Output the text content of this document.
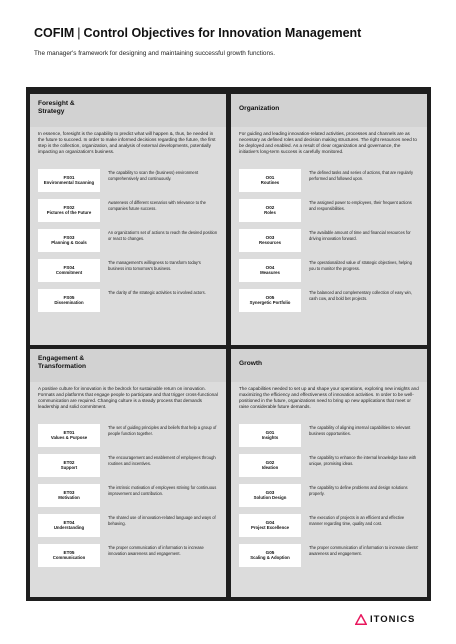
COFIM | Control Objectives for Innovation Management
The manager's framework for designing and maintaining successful growth functions.
Foresight &
Strategy
In essence, foresight is the capability to predict what will happen &, thus, be needed in the future to succeed. In order to make informed decisions regarding the future, the first step is the collection, organization, and analysis of external developments, potentially impacting an organization's business.
FS01
Environmental Scanning
The capability to scan the (business) environment comprehensively and continuously.
FS02
Pictures of the Future
Awareness of different scenarios with relevance to the companies future success.
FS03
Planning & Goals
An organization's set of actions to reach the desired position or react to changes.
FS04
Commitment
The management's willingness to transform today's business into tomorrow's business.
FS05
Dissemination
The clarity of the strategic activities to involved actors.
Organization
For guiding and leading innovation-related activities, processes and channels are as necessary as defined roles and decision making structures. The right resources need to be deployed and enabled. As a result of clear organization and governance, the initiative's long-term success is carefully monitored.
O01
Routines
The defined tasks and series of actions, that are regularly performed and followed upon.
O02
Roles
The assigned power to employees, their frequent actions and responsibilities.
O03
Resources
The available amount of time and financial resources for driving innovation forward.
O04
Measures
The operationalized value of strategic objectives, helping you to monitor the progress.
O05
Synergetic Portfolio
The balanced and complementary collection of easy win, cash cow, and bold bet projects.
Engagement &
Transformation
A positive culture for innovation is the bedrock for sustainable return on innovation. Formats and platforms that engage people to participate and that trigger cross-functional communication are required. Changing culture is a steady process that demands leadership and solid commitment.
ET01
Values & Purpose
The set of guiding principles and beliefs that help a group of people function together.
ET02
Support
The encouragement and enablement of employees through routines and incentives.
ET03
Motivation
The intrinsic motivation of employees striving for continuous improvement and contribution.
ET04
Understanding
The shared use of innovation-related language and ways of behaving.
ET05
Communication
The proper communication of information to increase innovation awareness and engagement.
Growth
The capabilities needed to set up and shape your operations, exploring new insights and maximizing the efficiency and effectiveness of innovation activities. In order to be well-positioned in the future, organizations need to bring up new applications that meet or raise considerable future demands.
G01
Insights
The capability of aligning internal capabilities to relevant business opportunities.
G02
Ideation
The capability to enhance the internal knowledge base with unique, promising ideas.
G03
Solution Design
The capability to define problems and design solutions properly.
G04
Project Excellence
The execution of projects in an efficient and effective manner regarding time, quality and cost.
G05
Scaling & Adoption
The proper communication of information to increase clients' awareness and engagement.
ITONICS
